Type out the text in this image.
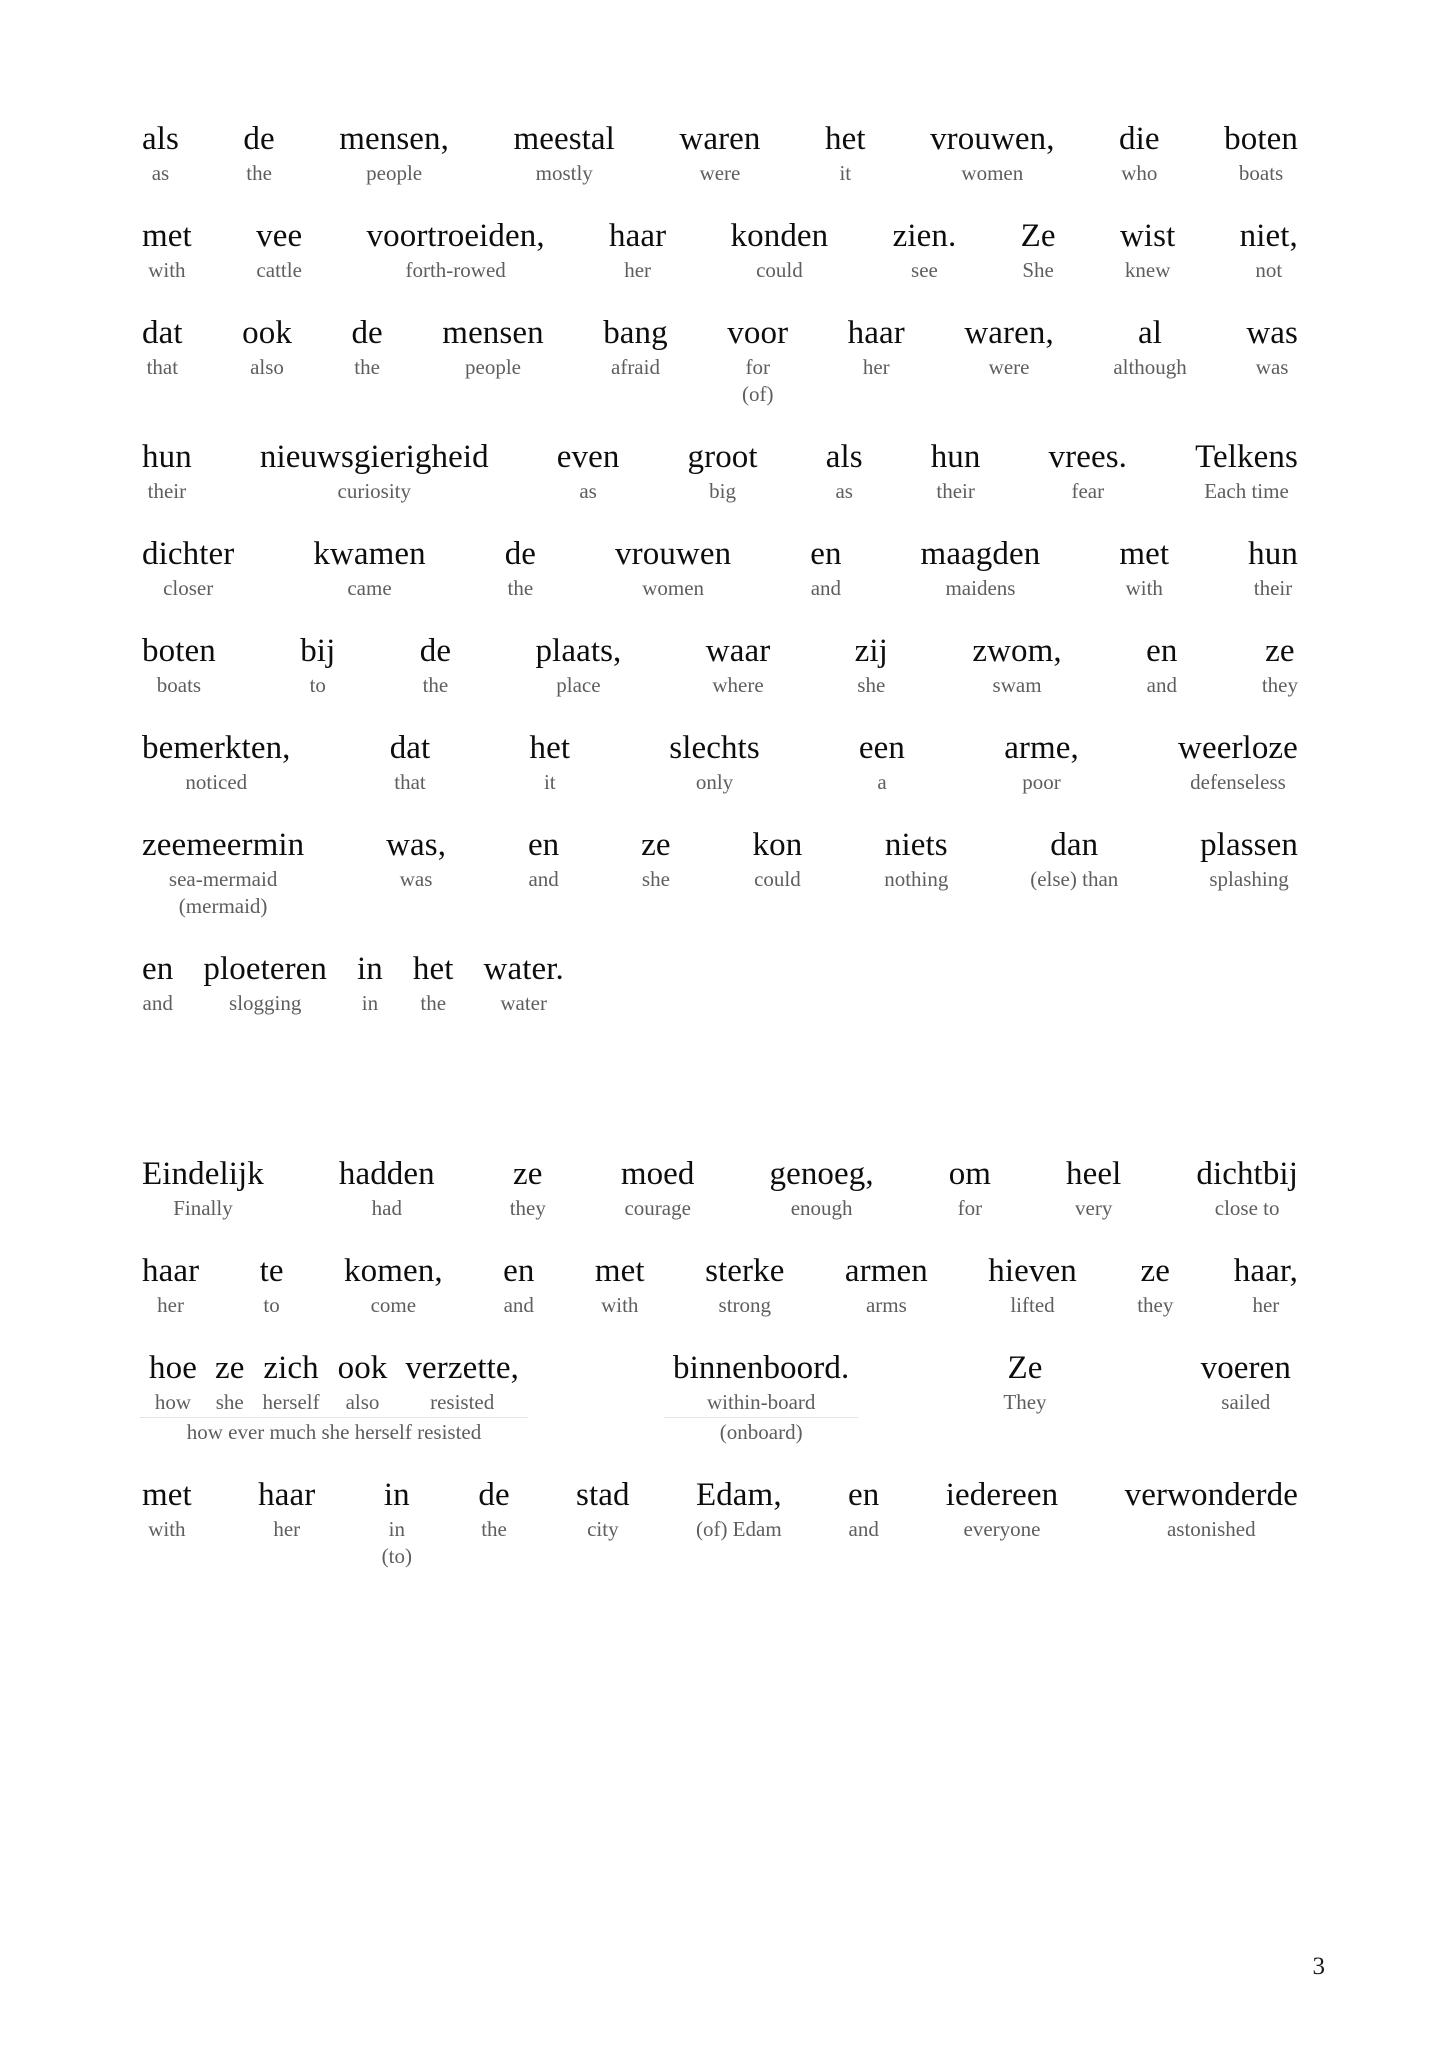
als
as
de
the
mensen,
people
meestal
mostly
waren
were
het
it
vrouwen,
women
die
who
boten
boats
met
with
vee
cattle
voortroeiden,
forth-rowed
haar
her
konden
could
zien.
see
Ze
She
wist
knew
niet,
not
dat
that
ook
also
de
the
mensen
people
bang
afraid
voor
for
(of)
haar
her
waren,
were
al
although
was
was
hun
their
nieuwsgierigheid
curiosity
even
as
groot
big
als
as
hun
their
vrees.
fear
Telkens
Each time
dichter
closer
kwamen
came
de
the
vrouwen
women
en
and
maagden
maidens
met
with
hun
their
boten
boats
bij
to
de
the
plaats,
place
waar
where
zij
she
zwom,
swam
en
and
ze
they
bemerkten,
noticed
dat
that
het
it
slechts
only
een
a
arme,
poor
weerloze
defenseless
zeemeermin
sea-mermaid
(mermaid)
was,
was
en
and
ze
she
kon
could
niets
nothing
dan
(else) than
plassen
splashing
en
and
ploeteren
slogging
in
in
het
the
water.
water
Eindelijk
Finally
hadden
had
ze
they
moed
courage
genoeg,
enough
om
for
heel
very
dichtbij
close to
haar
her
te
to
komen,
come
en
and
met
with
sterke
strong
armen
arms
hieven
lifted
ze
they
haar,
her
hoe
how
ze
she
zich
herself
ook
also
verzette,
resisted
how ever much she herself resisted
binnenboord.
within-board
(onboard)
Ze
They
voeren
sailed
met
with
haar
her
in
in
(to)
de
the
stad
city
Edam,
(of) Edam
en
and
iedereen
everyone
verwonderde
astonished
3
